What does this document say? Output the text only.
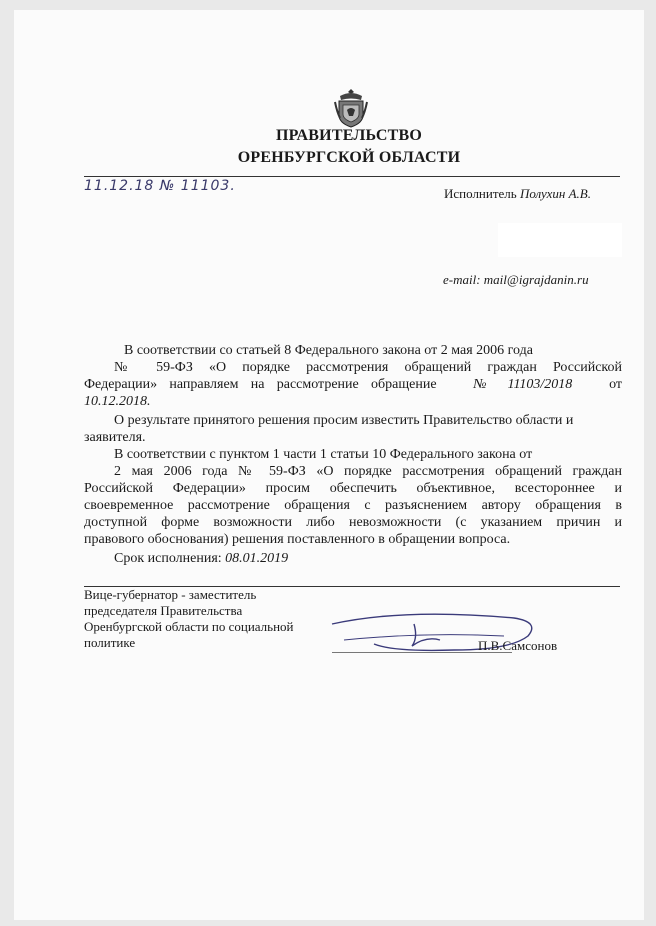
ПРАВИТЕЛЬСТВО
ОРЕНБУРГСКОЙ ОБЛАСТИ
11.12.18 № 11103.	Исполнитель Полухин А.В.
e-mail: mail@igrajdanin.ru
В соответствии со статьей 8 Федерального закона от 2 мая 2006 года
№ 59-ФЗ «О порядке рассмотрения обращений граждан Российской
Федерации» направляем на рассмотрение обращение	№ 11103/2018	от
10.12.2018.
О результате принятого решения просим известить Правительство области и
заявителя.
В соответствии с пунктом 1 части 1 статьи 10 Федерального закона от
2 мая 2006 года № 59-ФЗ «О порядке рассмотрения обращений граждан
Российской Федерации» просим обеспечить объективное, всестороннее и
своевременное рассмотрение обращения с разъяснением автору обращения в
доступной форме возможности либо невозможности (с указанием причин и
правового обоснования) решения поставленного в обращении вопроса.
Срок исполнения: 08.01.2019
Вице-губернатор - заместитель
председателя Правительства
Оренбургской области по социальной
политике	П.В.Самсонов
